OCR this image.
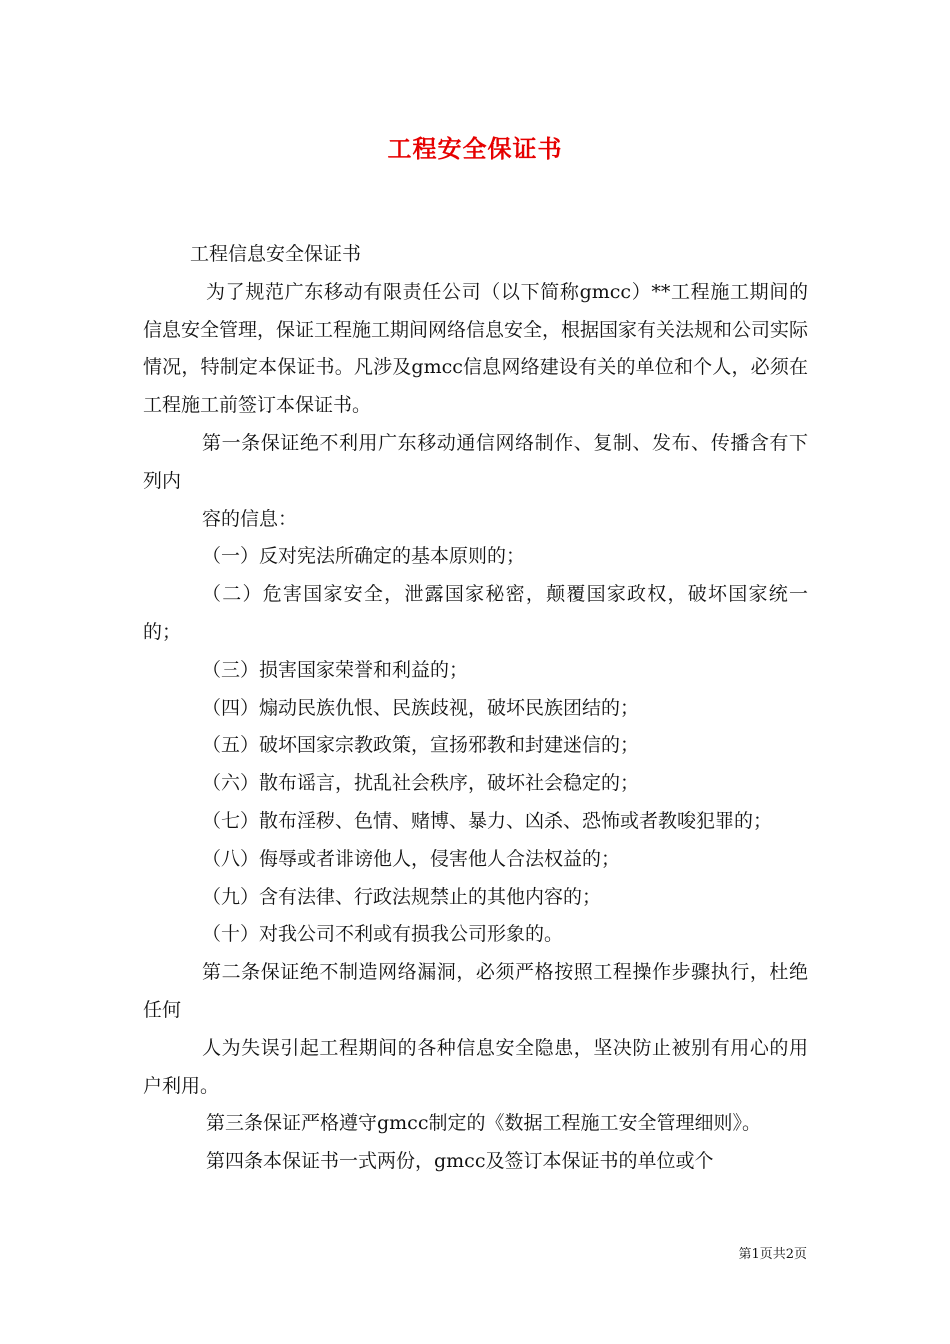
工程安全保证书

工程信息安全保证书

为了规范广东移动有限责任公司（以下简称gmcc）**工程施工期间的信息安全管理，保证工程施工期间网络信息安全，根据国家有关法规和公司实际情况，特制定本保证书。凡涉及gmcc信息网络建设有关的单位和个人，必须在工程施工前签订本保证书。

第一条保证绝不利用广东移动通信网络制作、复制、发布、传播含有下列内

容的信息：

（一）反对宪法所确定的基本原则的；

（二）危害国家安全，泄露国家秘密，颠覆国家政权，破坏国家统一的；

（三）损害国家荣誉和利益的；

（四）煽动民族仇恨、民族歧视，破坏民族团结的；

（五）破坏国家宗教政策，宣扬邪教和封建迷信的；

（六）散布谣言，扰乱社会秩序，破坏社会稳定的；

（七）散布淫秽、色情、赌博、暴力、凶杀、恐怖或者教唆犯罪的；

（八）侮辱或者诽谤他人，侵害他人合法权益的；

（九）含有法律、行政法规禁止的其他内容的；

（十）对我公司不利或有损我公司形象的。

第二条保证绝不制造网络漏洞，必须严格按照工程操作步骤执行，杜绝任何

人为失误引起工程期间的各种信息安全隐患，坚决防止被别有用心的用户利用。

第三条保证严格遵守gmcc制定的《数据工程施工安全管理细则》。

第四条本保证书一式两份，gmcc及签订本保证书的单位或个

第1页共2页
